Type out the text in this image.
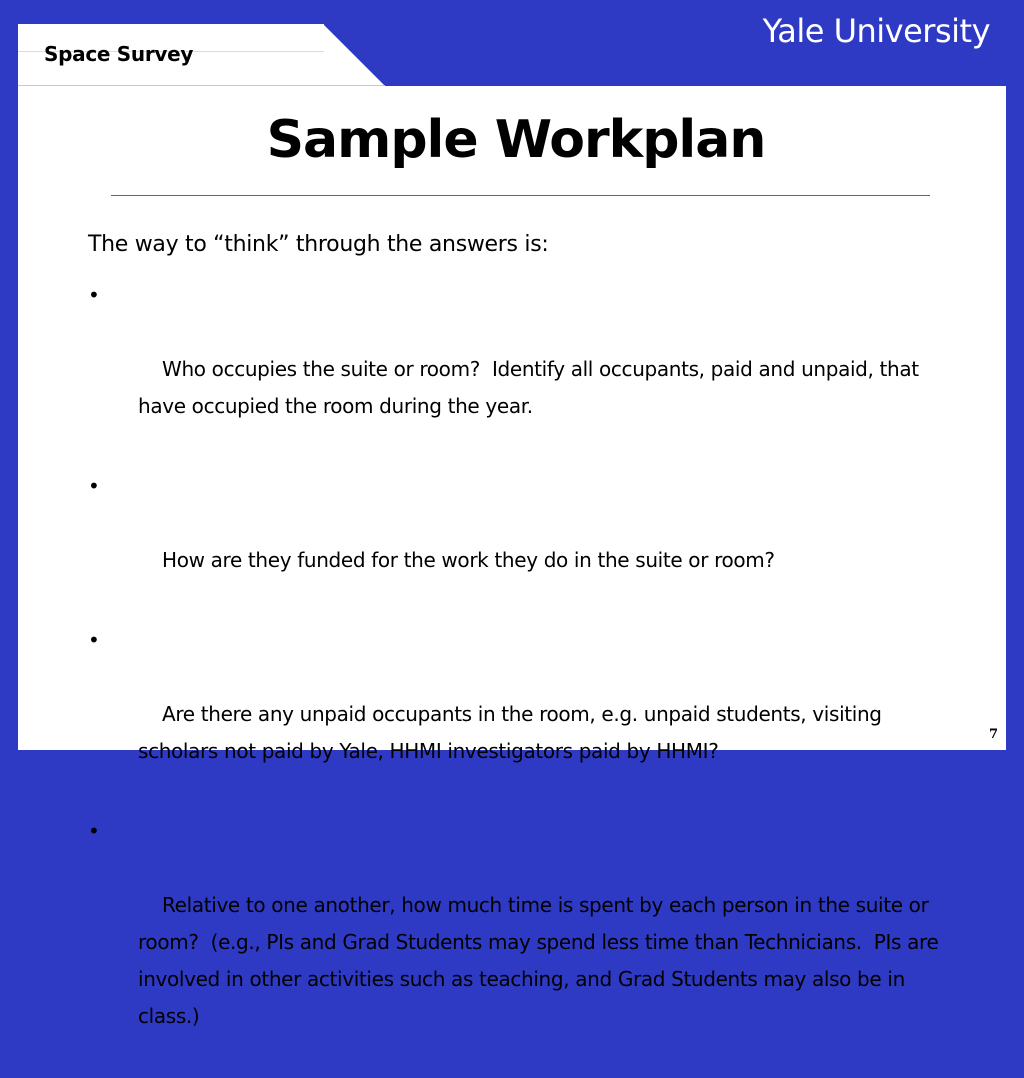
Space Survey
Yale University
Sample Workplan
The way to “think” through the answers is:

•

Who occupies the suite or room?  Identify all occupants, paid and unpaid, that have occupied the room during the year.

•

How are they funded for the work they do in the suite or room?

•

Are there any unpaid occupants in the room, e.g. unpaid students, visiting scholars not paid by Yale, HHMI investigators paid by HHMI?

•

Relative to one another, how much time is spent by each person in the suite or room?  (e.g., PIs and Grad Students may spend less time than Technicians.  PIs are involved in other activities such as teaching, and Grad Students may also be in class.)

7
